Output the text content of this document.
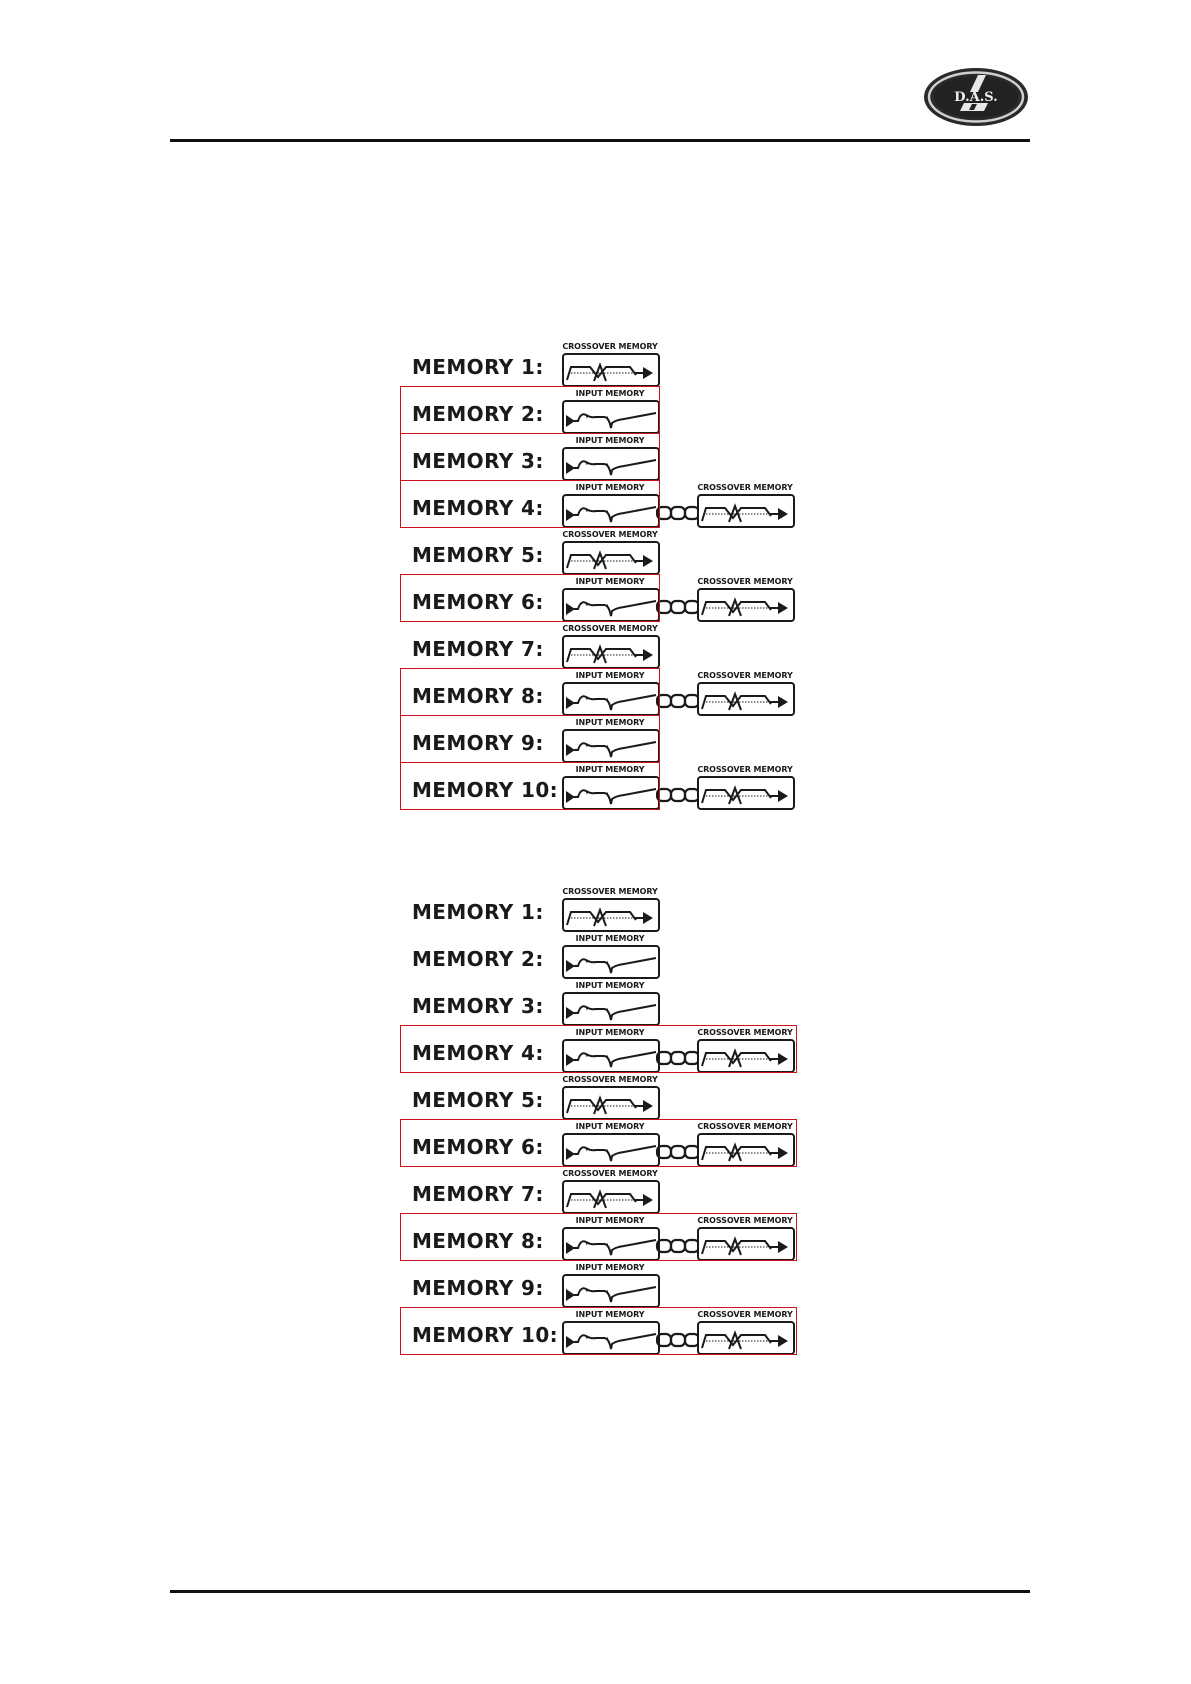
D.A.S.
MEMORY 1:
CROSSOVER MEMORY
MEMORY 2:
INPUT MEMORY
MEMORY 3:
INPUT MEMORY
MEMORY 4:
INPUT MEMORY	CROSSOVER MEMORY
MEMORY 5:
CROSSOVER MEMORY
MEMORY 6:
INPUT MEMORY	CROSSOVER MEMORY
MEMORY 7:
CROSSOVER MEMORY
MEMORY 8:
INPUT MEMORY	CROSSOVER MEMORY
MEMORY 9:
INPUT MEMORY
MEMORY 10:
INPUT MEMORY	CROSSOVER MEMORY
MEMORY 1:
CROSSOVER MEMORY
MEMORY 2:
INPUT MEMORY
MEMORY 3:
INPUT MEMORY
MEMORY 4:
INPUT MEMORY	CROSSOVER MEMORY
MEMORY 5:
CROSSOVER MEMORY
MEMORY 6:
INPUT MEMORY	CROSSOVER MEMORY
MEMORY 7:
CROSSOVER MEMORY
MEMORY 8:
INPUT MEMORY	CROSSOVER MEMORY
MEMORY 9:
INPUT MEMORY
MEMORY 10:
INPUT MEMORY	CROSSOVER MEMORY
